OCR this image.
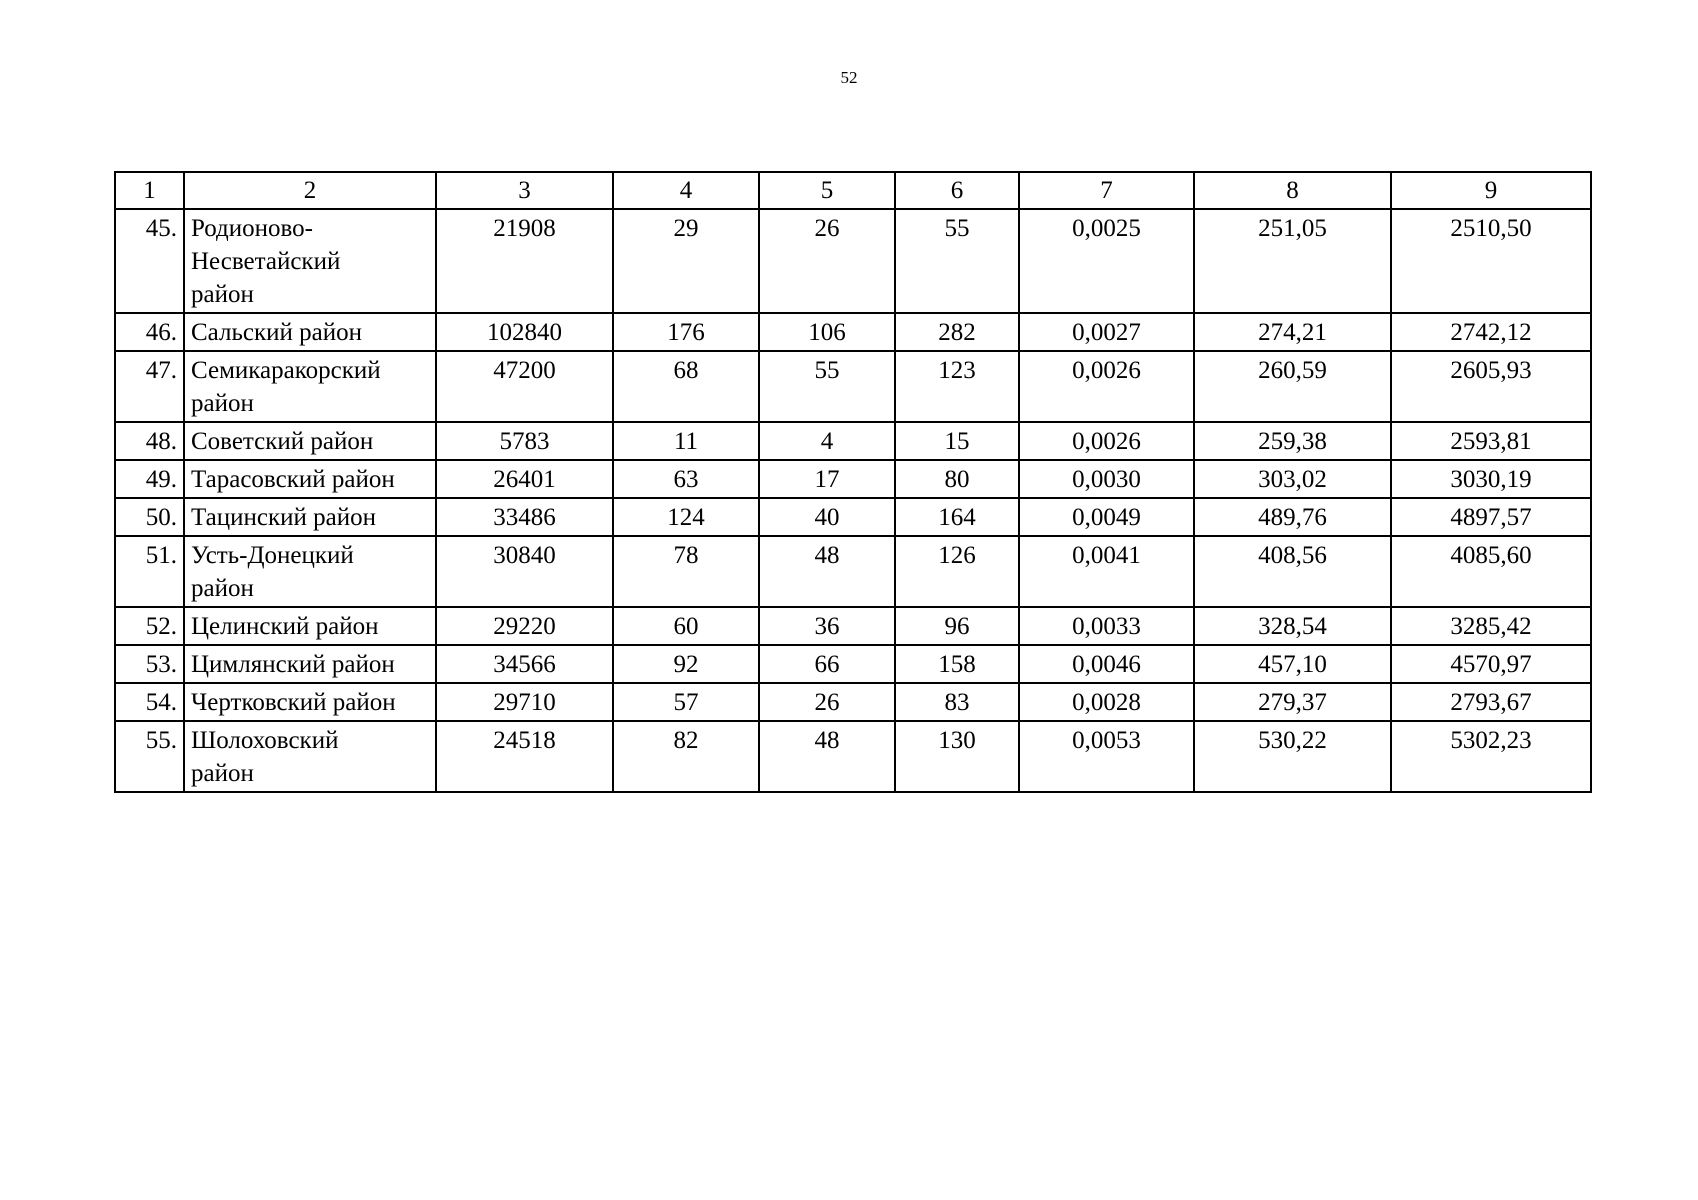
52
1	2	3	4	5	6	7	8	9
45.	Родионово-
Несветайский
район	21908	29	26	55	0,0025	251,05	2510,50
46.	Сальский район	102840	176	106	282	0,0027	274,21	2742,12
47.	Семикаракорский
район	47200	68	55	123	0,0026	260,59	2605,93
48.	Советский район	5783	11	4	15	0,0026	259,38	2593,81
49.	Тарасовский район	26401	63	17	80	0,0030	303,02	3030,19
50.	Тацинский район	33486	124	40	164	0,0049	489,76	4897,57
51.	Усть-Донецкий
район	30840	78	48	126	0,0041	408,56	4085,60
52.	Целинский район	29220	60	36	96	0,0033	328,54	3285,42
53.	Цимлянский район	34566	92	66	158	0,0046	457,10	4570,97
54.	Чертковский район	29710	57	26	83	0,0028	279,37	2793,67
55.	Шолоховский
район	24518	82	48	130	0,0053	530,22	5302,23
